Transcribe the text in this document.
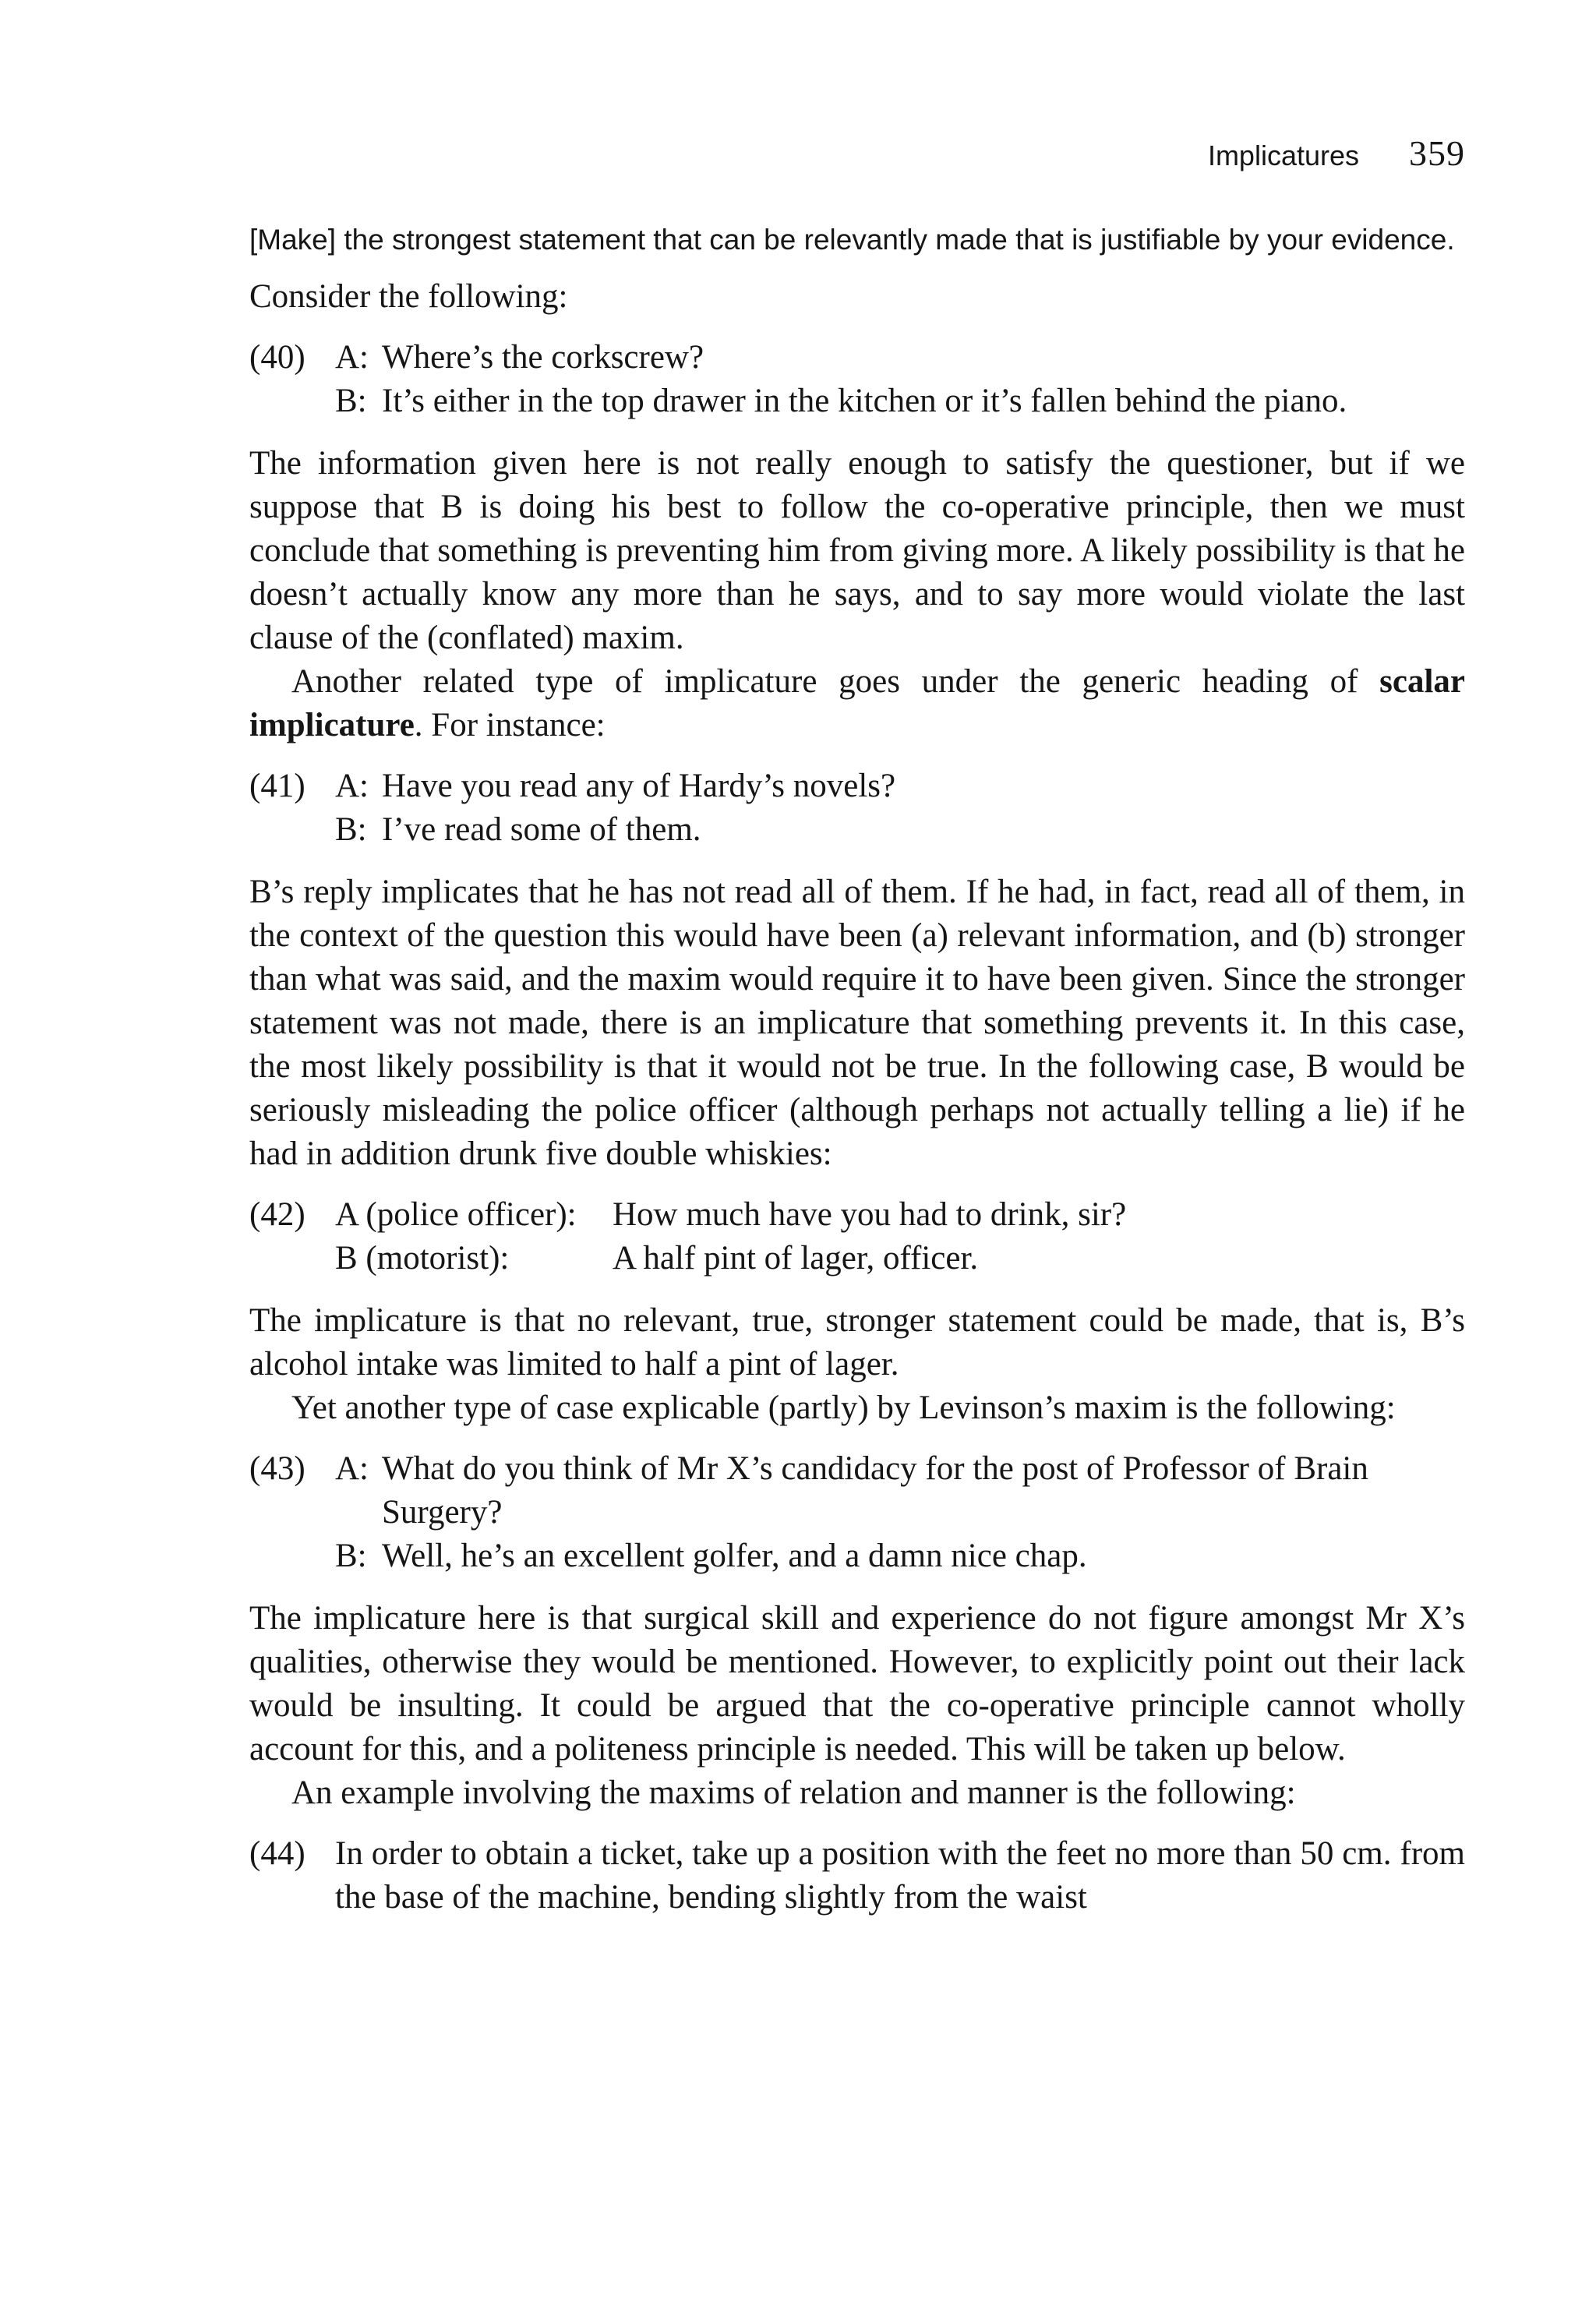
Implicatures 359

[Make] the strongest statement that can be relevantly made that is justifiable by your evidence.

Consider the following:

(40) A: Where’s the corkscrew?
B: It’s either in the top drawer in the kitchen or it’s fallen behind the piano.

The information given here is not really enough to satisfy the questioner, but if we suppose that B is doing his best to follow the co-operative principle, then we must conclude that something is preventing him from giving more. A likely possibility is that he doesn’t actually know any more than he says, and to say more would violate the last clause of the (conflated) maxim.

Another related type of implicature goes under the generic heading of scalar implicature. For instance:

(41) A: Have you read any of Hardy’s novels?
B: I’ve read some of them.

B’s reply implicates that he has not read all of them. If he had, in fact, read all of them, in the context of the question this would have been (a) relevant information, and (b) stronger than what was said, and the maxim would require it to have been given. Since the stronger statement was not made, there is an implicature that something prevents it. In this case, the most likely possibility is that it would not be true. In the following case, B would be seriously misleading the police officer (although perhaps not actually telling a lie) if he had in addition drunk five double whiskies:

(42) A (police officer):	How much have you had to drink, sir?
B (motorist):	A half pint of lager, officer.

The implicature is that no relevant, true, stronger statement could be made, that is, B’s alcohol intake was limited to half a pint of lager.

Yet another type of case explicable (partly) by Levinson’s maxim is the following:

(43) A: What do you think of Mr X’s candidacy for the post of Professor of Brain Surgery?
B: Well, he’s an excellent golfer, and a damn nice chap.

The implicature here is that surgical skill and experience do not figure amongst Mr X’s qualities, otherwise they would be mentioned. However, to explicitly point out their lack would be insulting. It could be argued that the co-operative principle cannot wholly account for this, and a politeness principle is needed. This will be taken up below.

An example involving the maxims of relation and manner is the following:

(44) In order to obtain a ticket, take up a position with the feet no more than 50 cm. from the base of the machine, bending slightly from the waist
